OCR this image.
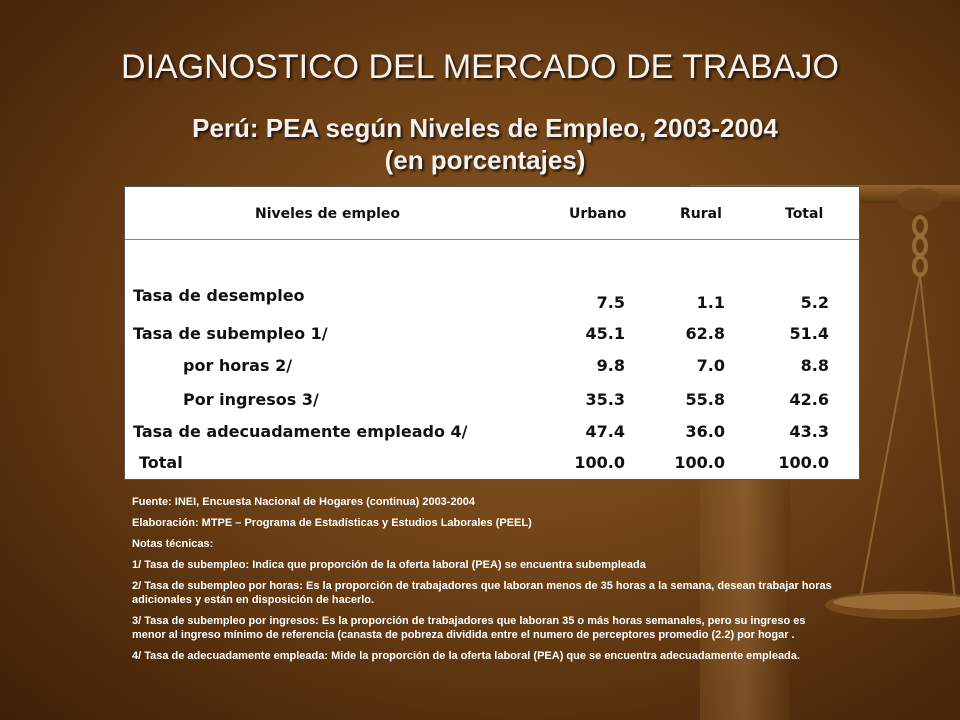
DIAGNOSTICO DEL MERCADO DE TRABAJO
Perú: PEA según Niveles de Empleo, 2003-2004
(en porcentajes)
Niveles de empleo	Urbano	Rural	Total
Tasa de desempleo	7.5	1.1	5.2
Tasa de subempleo 1/	45.1	62.8	51.4
por horas 2/	9.8	7.0	8.8
Por ingresos 3/	35.3	55.8	42.6
Tasa de adecuadamente empleado 4/	47.4	36.0	43.3
Total	100.0	100.0	100.0

Fuente: INEI, Encuesta Nacional de Hogares (continua) 2003-2004

Elaboración: MTPE – Programa de Estadísticas y Estudios Laborales (PEEL)

Notas técnicas:

1/ Tasa de subempleo: Indica que proporción de la oferta laboral (PEA) se encuentra subempleada

2/ Tasa de subempleo por horas: Es la proporción de trabajadores que laboran menos de 35 horas a la semana, desean trabajar horas adicionales y están en disposición de hacerlo.

3/ Tasa de subempleo por ingresos: Es la proporción de trabajadores que laboran 35 o más horas semanales, pero su ingreso es menor al ingreso mínimo de referencia (canasta de pobreza dividida entre el numero de perceptores promedio (2.2) por hogar .

4/ Tasa de adecuadamente empleada: Mide la proporción de la oferta laboral (PEA) que se encuentra adecuadamente empleada.
